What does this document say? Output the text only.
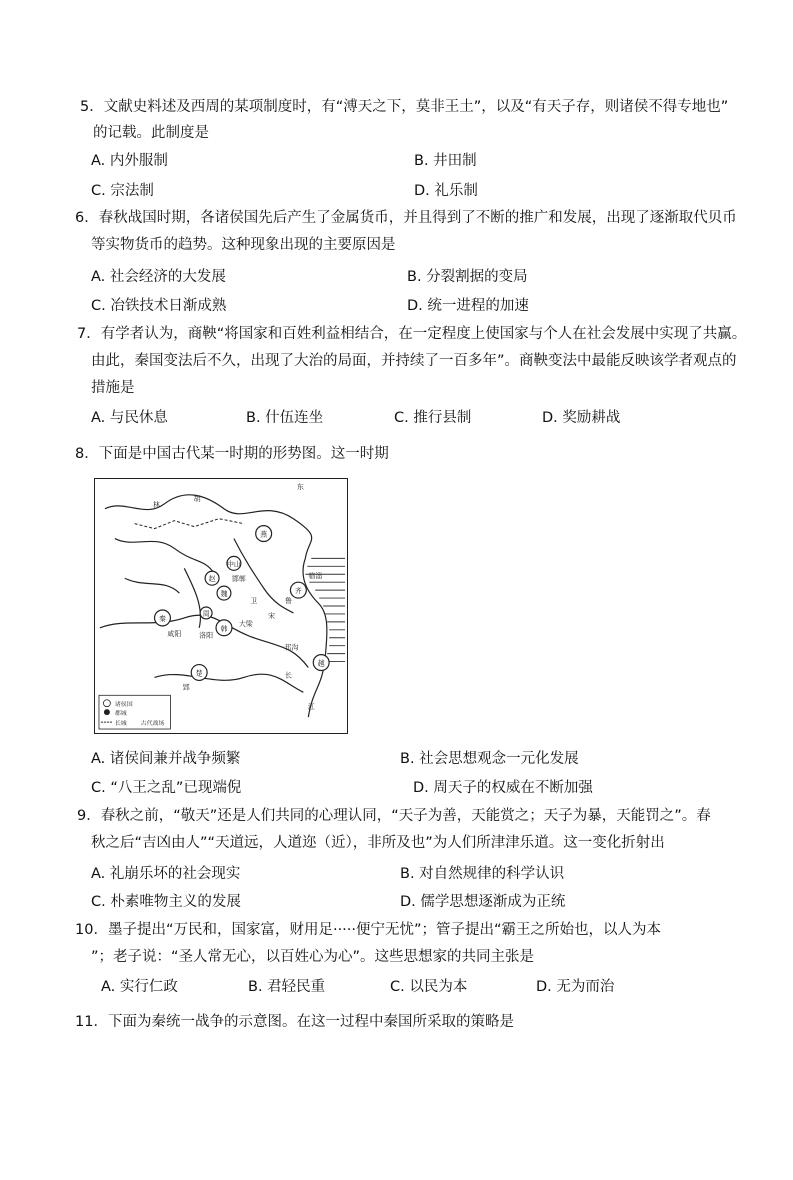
5．文献史料述及西周的某项制度时，有“溥天之下，莫非王土”，以及“有天子存，则诸侯不得专地也”
的记载。此制度是
A. 内外服制	B. 井田制
C. 宗法制	D. 礼乐制
6．春秋战国时期，各诸侯国先后产生了金属货币，并且得到了不断的推广和发展，出现了逐渐取代贝币
等实物货币的趋势。这种现象出现的主要原因是
A. 社会经济的大发展	B. 分裂割据的变局
C. 冶铁技术日渐成熟	D. 统一进程的加速
7．有学者认为，商鞅“将国家和百姓利益相结合，在一定程度上使国家与个人在社会发展中实现了共赢。
由此，秦国变法后不久，出现了大治的局面，并持续了一百多年”。商鞅变法中最能反映该学者观点的
措施是
A. 与民休息	B. 什伍连坐	C. 推行县制	D. 奖励耕战
8．下面是中国古代某一时期的形势图。这一时期
东
胡
林
燕
中山
齐
赵
魏
秦
韩
周
楚
越
卫
宋
鲁
咸阳	洛阳
大梁
郢
邯郸	临淄
邗沟
长
江
诸侯国
都城
长城 古代战场
A. 诸侯间兼并战争频繁	B. 社会思想观念一元化发展
C. “八王之乱”已现端倪	D. 周天子的权威在不断加强
9．春秋之前，“敬天”还是人们共同的心理认同，“天子为善，天能赏之；天子为暴，天能罚之”。春
秋之后“吉凶由人”“天道远，人道迩（近），非所及也”为人们所津津乐道。这一变化折射出
A. 礼崩乐坏的社会现实	B. 对自然规律的科学认识
C. 朴素唯物主义的发展	D. 儒学思想逐渐成为正统
10．墨子提出“万民和，国家富，财用足·····便宁无忧”；管子提出“霸王之所始也，以人为本
”；老子说：“圣人常无心，以百姓心为心”。这些思想家的共同主张是
A. 实行仁政	B. 君轻民重	C. 以民为本	D. 无为而治
11．下面为秦统一战争的示意图。在这一过程中秦国所采取的策略是
